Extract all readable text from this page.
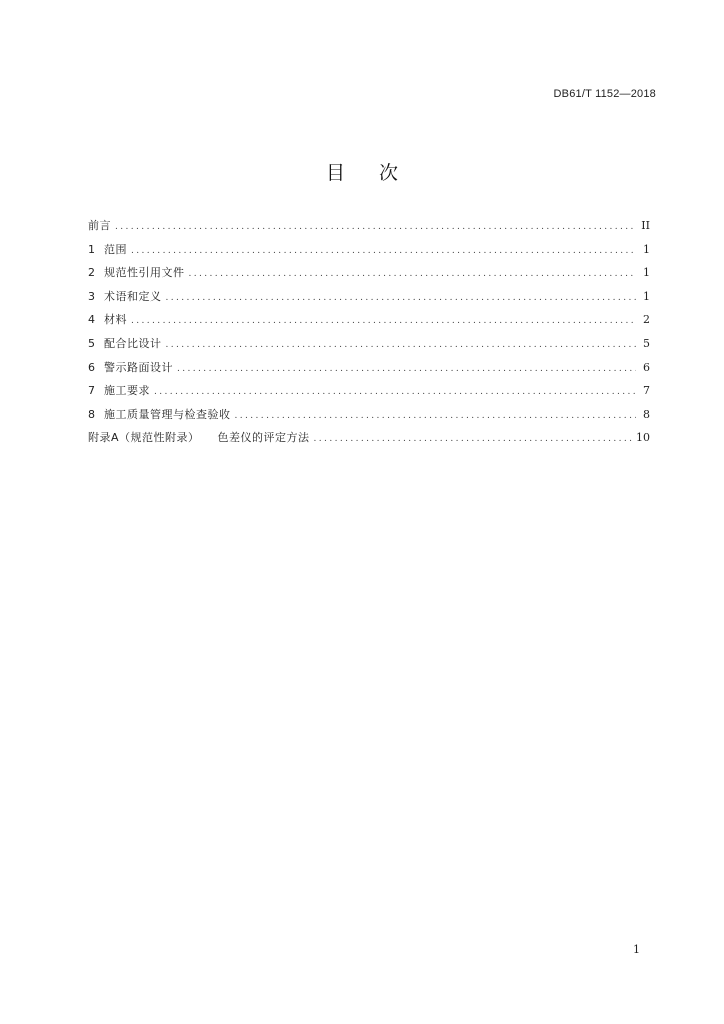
DB61/T 1152—2018
目 次
前言 .....	II
1 范围 .....	1
2 规范性引用文件 .....	1
3 术语和定义 .....	1
4 材料 .....	2
5 配合比设计 .....	5
6 警示路面设计 .....	6
7 施工要求 .....	7
8 施工质量管理与检查验收 .....	8
附录A（规范性附录） 色差仪的评定方法 .....	10
1
